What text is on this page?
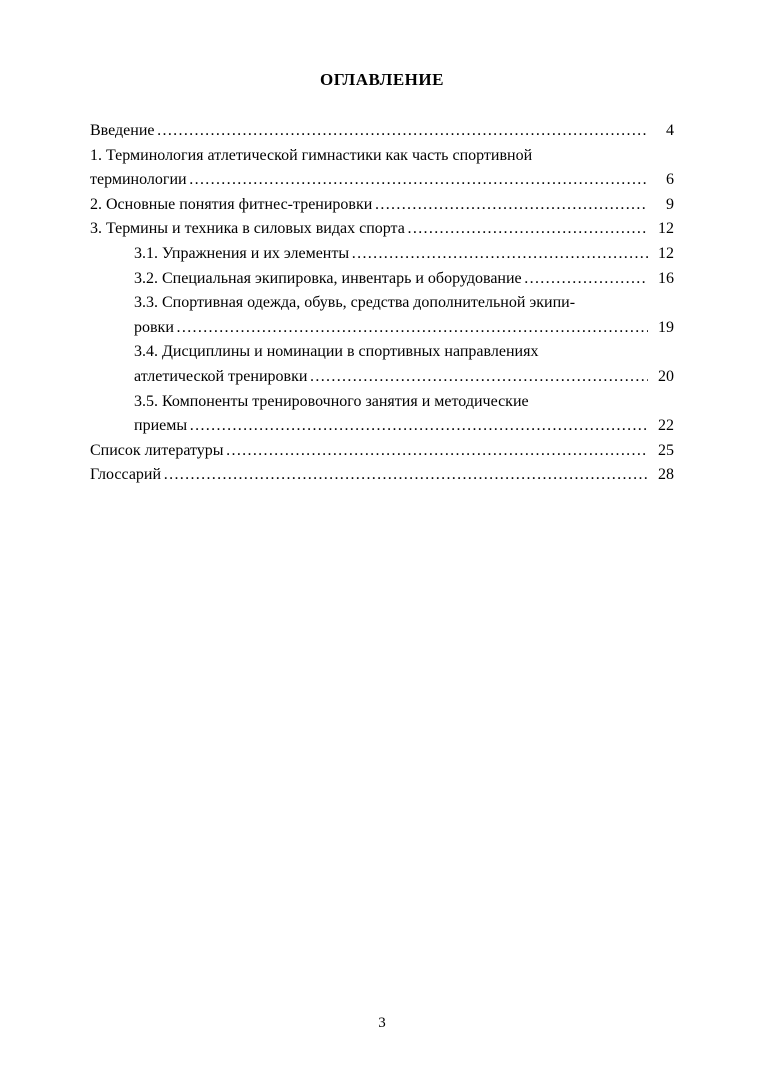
ОГЛАВЛЕНИЕ
Введение ………………………………………………………………………………………………………………………………………………………………	4
1. Терминология атлетической гимнастики как часть спортивной
терминологии ………………………………………………………………………………………………………………………………………………………………	6
2. Основные понятия фитнес-тренировки ………………………………………………………………………………………………………………………………………………………………	9
3. Термины и техника в силовых видах спорта ………………………………………………………………………………………………………………………………………………………………	12
3.1. Упражнения и их элементы ………………………………………………………………………………………………………………………………………………………………	12
3.2. Специальная экипировка, инвентарь и оборудование ………………………………………………………………………………………………………………………………………………………………	16
3.3. Спортивная одежда, обувь, средства дополнительной экипи-
ровки ………………………………………………………………………………………………………………………………………………………………	19
3.4. Дисциплины и номинации в спортивных направлениях
атлетической тренировки ………………………………………………………………………………………………………………………………………………………………	20
3.5. Компоненты тренировочного занятия и методические
приемы ………………………………………………………………………………………………………………………………………………………………	22
Список литературы ………………………………………………………………………………………………………………………………………………………………	25
Глоссарий ………………………………………………………………………………………………………………………………………………………………	28
3
